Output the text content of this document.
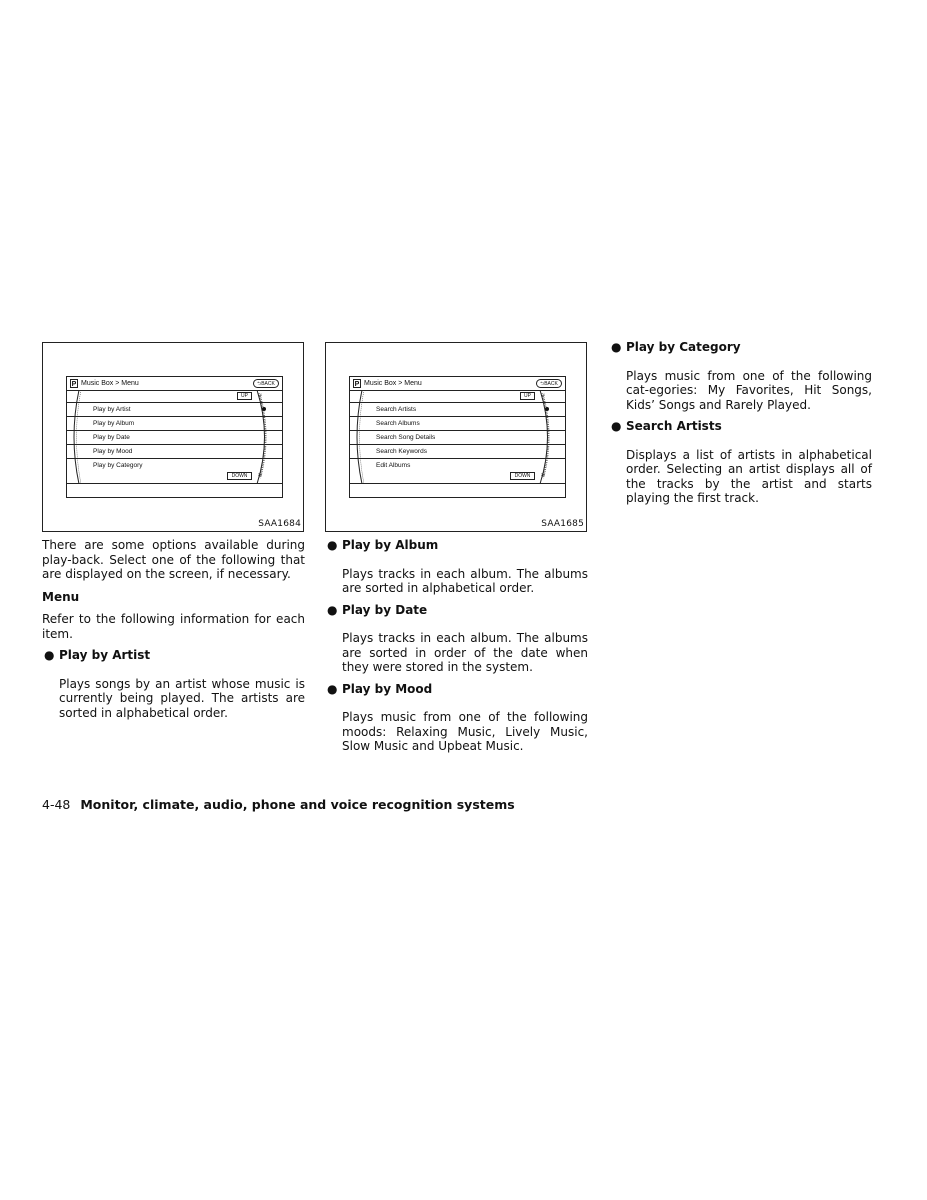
P Music Box > Menu	⮌BACK
UP	≈
Play by Artist
Play by Album
Play by Date
Play by Mood
Play by Category
DOWN	≈
SAA1684
P Music Box > Menu	⮌BACK
UP	≈
Search Artists
Search Albums
Search Song Details
Search Keywords
Edit Albums
DOWN	≈
SAA1685

There are some options available during play-back. Select one of the following that are displayed on the screen, if necessary.

Menu

Refer to the following information for each item.

● Play by Artist

Plays songs by an artist whose music is currently being played. The artists are sorted in alphabetical order.

● Play by Album

Plays tracks in each album. The albums are sorted in alphabetical order.

● Play by Date

Plays tracks in each album. The albums are sorted in order of the date when they were stored in the system.

● Play by Mood

Plays music from one of the following moods: Relaxing Music, Lively Music, Slow Music and Upbeat Music.

● Play by Category

Plays music from one of the following cat-egories: My Favorites, Hit Songs, Kids’ Songs and Rarely Played.

● Search Artists

Displays a list of artists in alphabetical order. Selecting an artist displays all of the tracks by the artist and starts playing the first track.

4-48 Monitor, climate, audio, phone and voice recognition systems
